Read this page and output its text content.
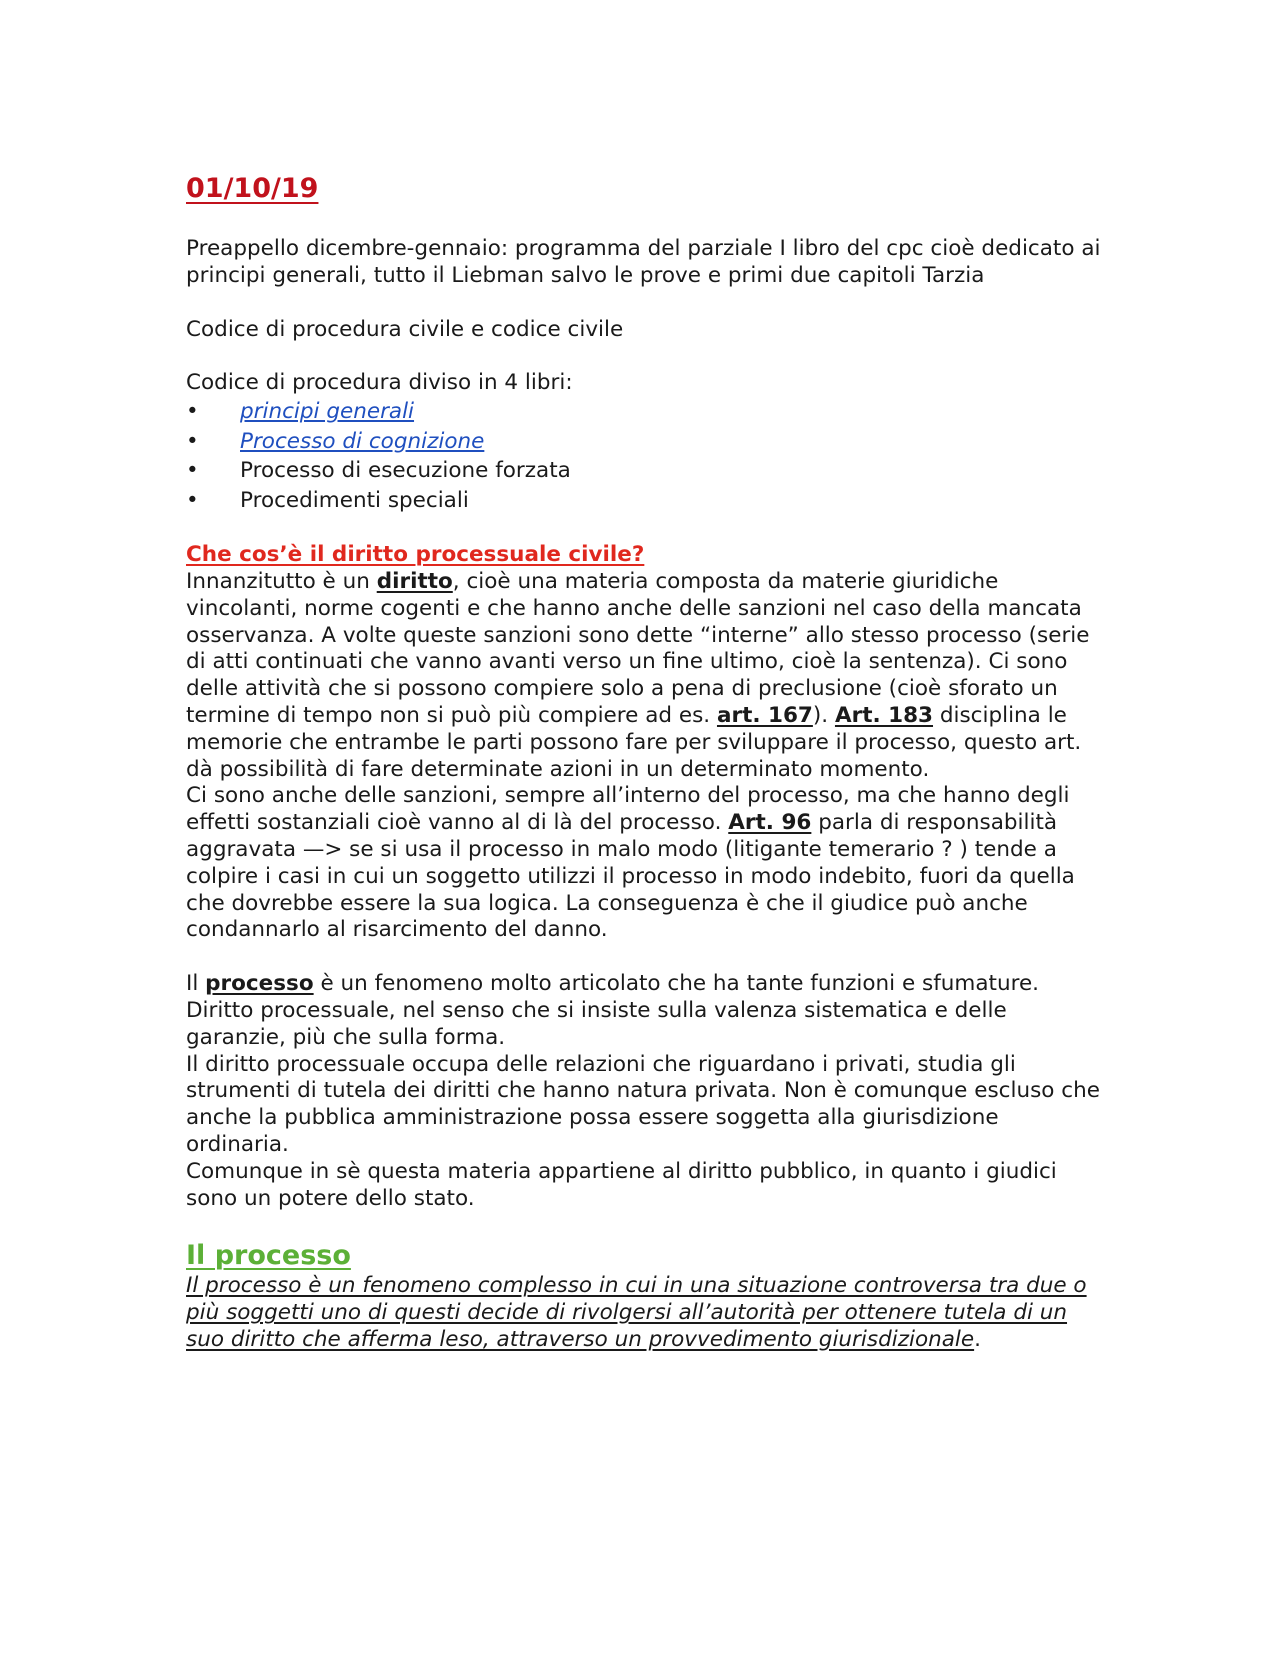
01/10/19

Preappello dicembre-gennaio: programma del parziale I libro del cpc cioè dedicato ai principi generali, tutto il Liebman salvo le prove e primi due capitoli Tarzia

Codice di procedura civile e codice civile

Codice di procedura diviso in 4 libri:

• principi generali
• Processo di cognizione
• Processo di esecuzione forzata
• Procedimenti speciali

Che cos’è il diritto processuale civile?

Innanzitutto è un diritto, cioè una materia composta da materie giuridiche vincolanti, norme cogenti e che hanno anche delle sanzioni nel caso della mancata osservanza. A volte queste sanzioni sono dette “interne” allo stesso processo (serie di atti continuati che vanno avanti verso un fine ultimo, cioè la sentenza). Ci sono delle attività che si possono compiere solo a pena di preclusione (cioè sforato un termine di tempo non si può più compiere ad es. art. 167). Art. 183 disciplina le memorie che entrambe le parti possono fare per sviluppare il processo, questo art. dà possibilità di fare determinate azioni in un determinato momento.

Ci sono anche delle sanzioni, sempre all’interno del processo, ma che hanno degli effetti sostanziali cioè vanno al di là del processo. Art. 96 parla di responsabilità aggravata —> se si usa il processo in malo modo (litigante temerario ? ) tende a colpire i casi in cui un soggetto utilizzi il processo in modo indebito, fuori da quella che dovrebbe essere la sua logica. La conseguenza è che il giudice può anche condannarlo al risarcimento del danno.

Il processo è un fenomeno molto articolato che ha tante funzioni e sfumature. Diritto processuale, nel senso che si insiste sulla valenza sistematica e delle garanzie, più che sulla forma.

Il diritto processuale occupa delle relazioni che riguardano i privati, studia gli strumenti di tutela dei diritti che hanno natura privata. Non è comunque escluso che anche la pubblica amministrazione possa essere soggetta alla giurisdizione ordinaria.

Comunque in sè questa materia appartiene al diritto pubblico, in quanto i giudici sono un potere dello stato.

Il processo

Il processo è un fenomeno complesso in cui in una situazione controversa tra due o più soggetti uno di questi decide di rivolgersi all’autorità per ottenere tutela di un suo diritto che afferma leso, attraverso un provvedimento giurisdizionale.
